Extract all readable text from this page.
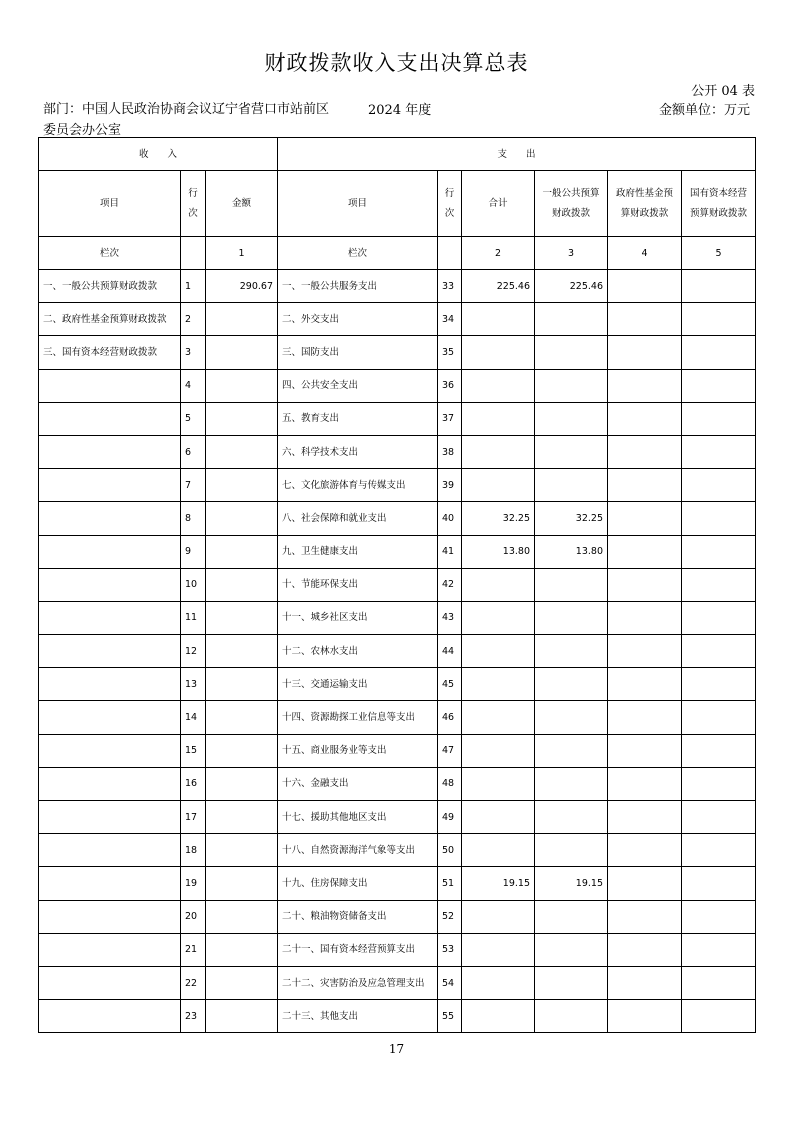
财政拨款收入支出决算总表
公开 04 表
部门：中国人民政治协商会议辽宁省营口市站前区委员会办公室
2024 年度	金额单位：万元
收　　入			支　　出					
项目	行次	金额	项目	行次	合计	一般公共预算财政拨款	政府性基金预算财政拨款	国有资本经营预算财政拨款
栏次		1	栏次		2	3	4	5
一、一般公共预算财政拨款	1	290.67	一、一般公共服务支出	33	225.46	225.46		
二、政府性基金预算财政拨款	2		二、外交支出	34				
三、国有资本经营财政拨款	3		三、国防支出	35				
	4		四、公共安全支出	36				
	5		五、教育支出	37				
	6		六、科学技术支出	38				
	7		七、文化旅游体育与传媒支出	39				
	8		八、社会保障和就业支出	40	32.25	32.25		
	9		九、卫生健康支出	41	13.80	13.80		
	10		十、节能环保支出	42				
	11		十一、城乡社区支出	43				
	12		十二、农林水支出	44				
	13		十三、交通运输支出	45				
	14		十四、资源勘探工业信息等支出	46				
	15		十五、商业服务业等支出	47				
	16		十六、金融支出	48				
	17		十七、援助其他地区支出	49				
	18		十八、自然资源海洋气象等支出	50				
	19		十九、住房保障支出	51	19.15	19.15		
	20		二十、粮油物资储备支出	52				
	21		二十一、国有资本经营预算支出	53				
	22		二十二、灾害防治及应急管理支出	54				
	23		二十三、其他支出	55				
17
